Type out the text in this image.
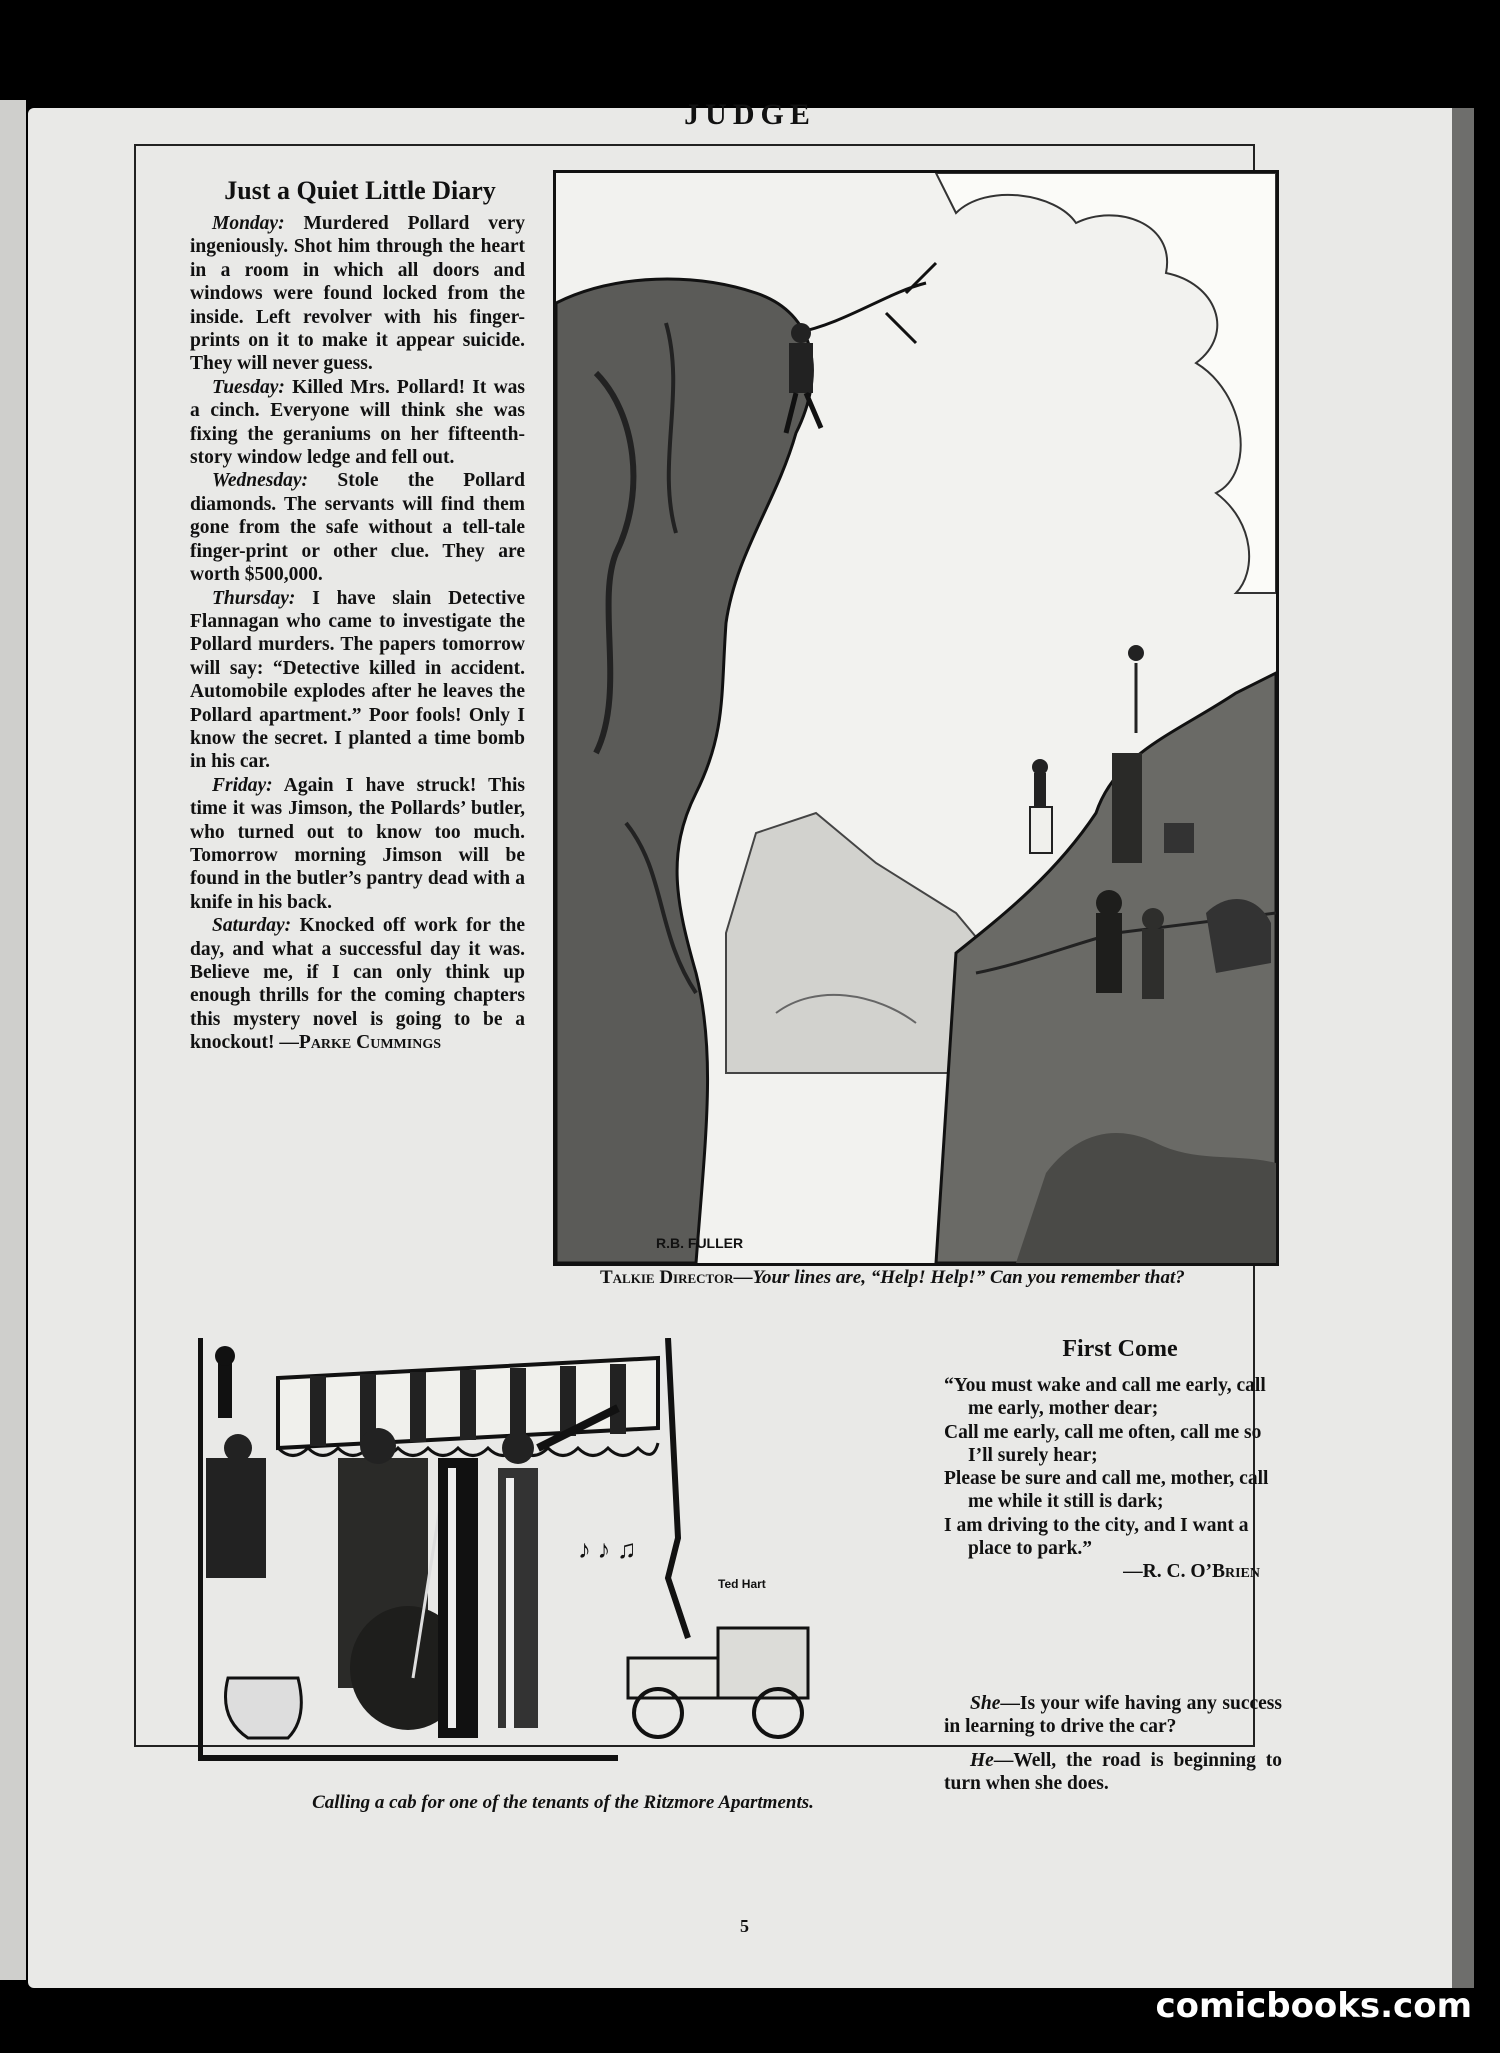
JUDGE
Just a Quiet Little Diary

Monday: Murdered Pollard very ingeniously. Shot him through the heart in a room in which all doors and windows were found locked from the inside. Left revolver with his finger-prints on it to make it appear suicide. They will never guess.

Tuesday: Killed Mrs. Pollard! It was a cinch. Everyone will think she was fixing the geraniums on her fifteenth-story window ledge and fell out.

Wednesday: Stole the Pollard diamonds. The servants will find them gone from the safe without a tell-tale finger-print or other clue. They are worth $500,000.

Thursday: I have slain Detective Flannagan who came to investigate the Pollard murders. The papers tomorrow will say: “Detective killed in accident. Automobile explodes after he leaves the Pollard apartment.” Poor fools! Only I know the secret. I planted a time bomb in his car.

Friday: Again I have struck! This time it was Jimson, the Pollards’ butler, who turned out to know too much. Tomorrow morning Jimson will be found in the butler’s pantry dead with a knife in his back.

Saturday: Knocked off work for the day, and what a successful day it was. Believe me, if I can only think up enough thrills for the coming chapters this mystery novel is going to be a knockout! —Parke Cummings

R.B. FULLER
Talkie Director—Your lines are, “Help! Help!” Can you remember that?
♪ ♪ ♫
Ted Hart
Calling a cab for one of the tenants of the Ritzmore Apartments.
First Come
“You must wake and call me early, call me early, mother dear;
Call me early, call me often, call me so I’ll surely hear;
Please be sure and call me, mother, call me while it still is dark;
I am driving to the city, and I want a place to park.”
—R. C. O’Brien

She—Is your wife having any success in learning to drive the car?

He—Well, the road is beginning to turn when she does.

5
comicbooks.com
